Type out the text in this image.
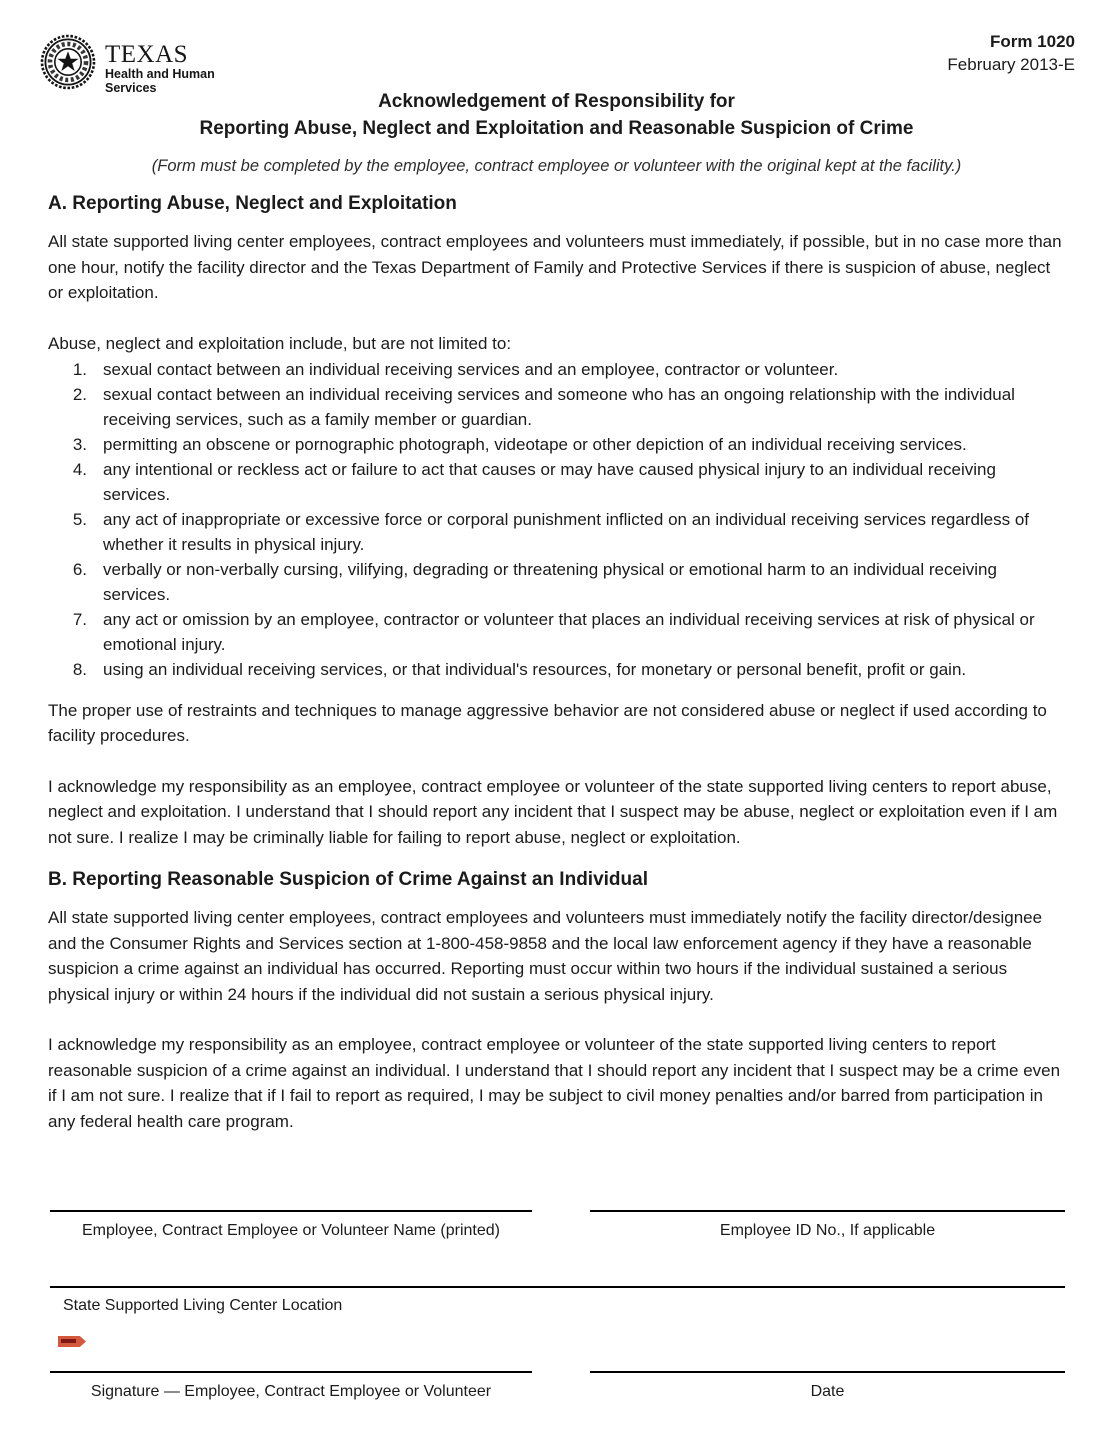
TEXAS
Health and Human
Services
Form 1020
February 2013-E
Acknowledgement of Responsibility for
Reporting Abuse, Neglect and Exploitation and Reasonable Suspicion of Crime
(Form must be completed by the employee, contract employee or volunteer with the original kept at the facility.)
A. Reporting Abuse, Neglect and Exploitation
All state supported living center employees, contract employees and volunteers must immediately, if possible, but in no case more than one hour, notify the facility director and the Texas Department of Family and Protective Services if there is suspicion of abuse, neglect or exploitation.
Abuse, neglect and exploitation include, but are not limited to:
1. sexual contact between an individual receiving services and an employee, contractor or volunteer.
2. sexual contact between an individual receiving services and someone who has an ongoing relationship with the individual receiving services, such as a family member or guardian.
3. permitting an obscene or pornographic photograph, videotape or other depiction of an individual receiving services.
4. any intentional or reckless act or failure to act that causes or may have caused physical injury to an individual receiving services.
5. any act of inappropriate or excessive force or corporal punishment inflicted on an individual receiving services regardless of whether it results in physical injury.
6. verbally or non-verbally cursing, vilifying, degrading or threatening physical or emotional harm to an individual receiving services.
7. any act or omission by an employee, contractor or volunteer that places an individual receiving services at risk of physical or emotional injury.
8. using an individual receiving services, or that individual's resources, for monetary or personal benefit, profit or gain.
The proper use of restraints and techniques to manage aggressive behavior are not considered abuse or neglect if used according to facility procedures.
I acknowledge my responsibility as an employee, contract employee or volunteer of the state supported living centers to report abuse, neglect and exploitation. I understand that I should report any incident that I suspect may be abuse, neglect or exploitation even if I am not sure. I realize I may be criminally liable for failing to report abuse, neglect or exploitation.
B. Reporting Reasonable Suspicion of Crime Against an Individual
All state supported living center employees, contract employees and volunteers must immediately notify the facility director/designee and the Consumer Rights and Services section at 1-800-458-9858 and the local law enforcement agency if they have a reasonable suspicion a crime against an individual has occurred. Reporting must occur within two hours if the individual sustained a serious physical injury or within 24 hours if the individual did not sustain a serious physical injury.
I acknowledge my responsibility as an employee, contract employee or volunteer of the state supported living centers to report reasonable suspicion of a crime against an individual. I understand that I should report any incident that I suspect may be a crime even if I am not sure. I realize that if I fail to report as required, I may be subject to civil money penalties and/or barred from participation in any federal health care program.
Employee, Contract Employee or Volunteer Name (printed)	Employee ID No., If applicable
State Supported Living Center Location
Signature — Employee, Contract Employee or Volunteer	Date
